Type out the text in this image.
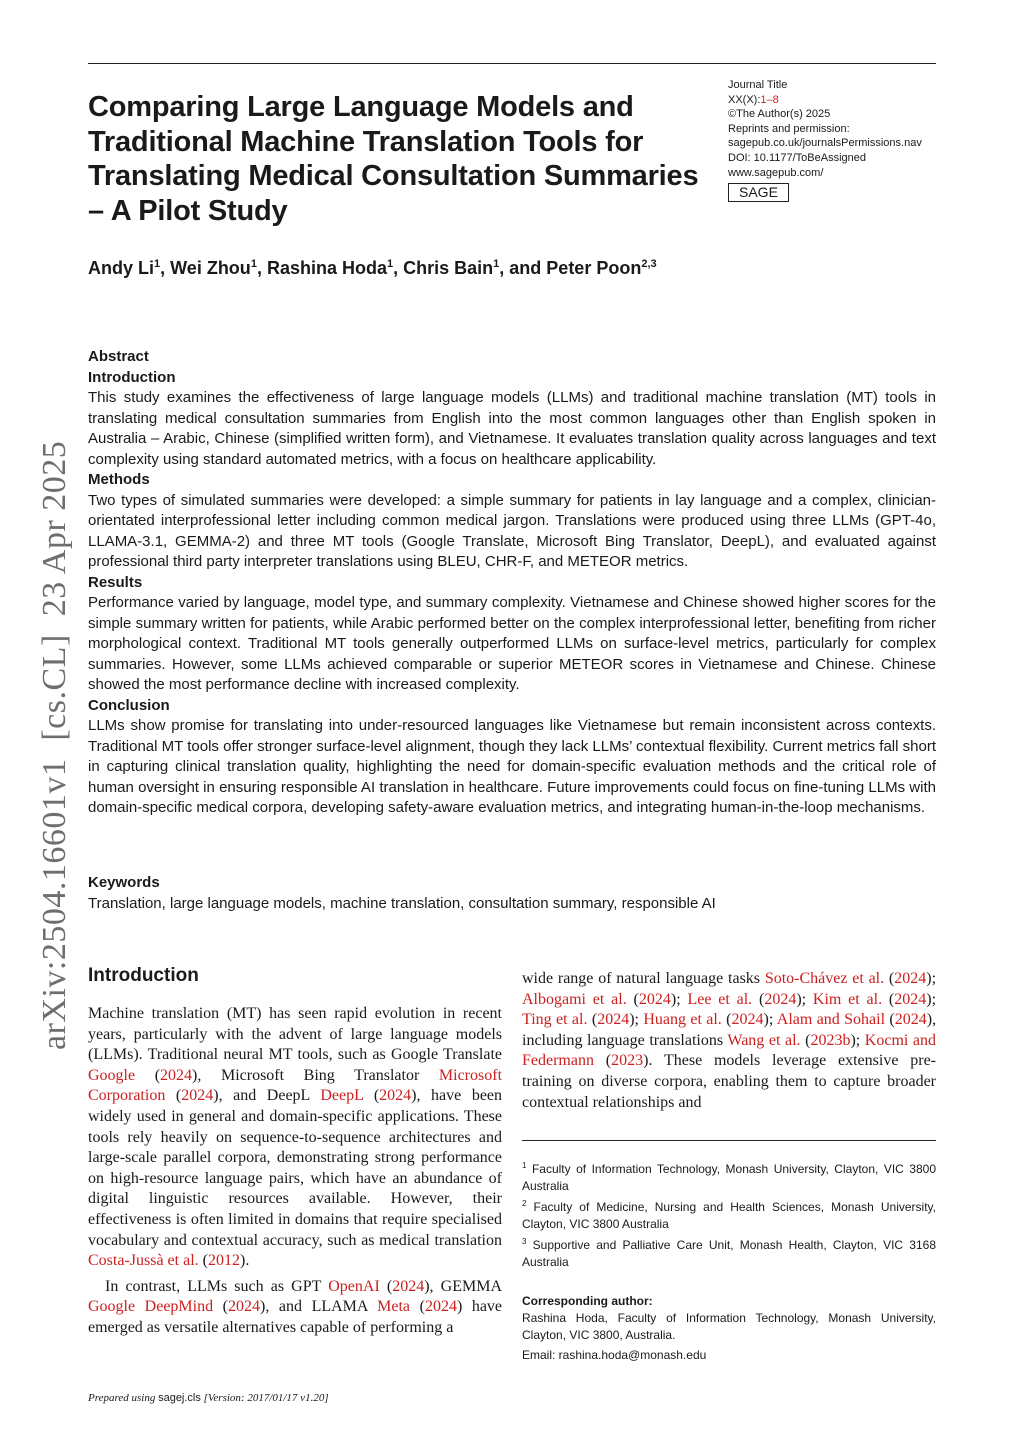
Comparing Large Language Models and Traditional Machine Translation Tools for Translating Medical Consultation Summaries – A Pilot Study
Journal Title
XX(X):1–8
©The Author(s) 2025
Reprints and permission:
sagepub.co.uk/journalsPermissions.nav
DOI: 10.1177/ToBeAssigned
www.sagepub.com/
SAGE
Andy Li$^1$, Wei Zhou$^1$, Rashina Hoda$^1$, Chris Bain$^1$, and Peter Poon$^{2,3}$
Abstract
Introduction

This study examines the effectiveness of large language models (LLMs) and traditional machine translation (MT) tools in translating medical consultation summaries from English into the most common languages other than English spoken in Australia – Arabic, Chinese (simplified written form), and Vietnamese. It evaluates translation quality across languages and text complexity using standard automated metrics, with a focus on healthcare applicability.

Methods

Two types of simulated summaries were developed: a simple summary for patients in lay language and a complex, clinician-orientated interprofessional letter including common medical jargon. Translations were produced using three LLMs (GPT-4o, LLAMA-3.1, GEMMA-2) and three MT tools (Google Translate, Microsoft Bing Translator, DeepL), and evaluated against professional third party interpreter translations using BLEU, CHR-F, and METEOR metrics.

Results

Performance varied by language, model type, and summary complexity. Vietnamese and Chinese showed higher scores for the simple summary written for patients, while Arabic performed better on the complex interprofessional letter, benefiting from richer morphological context. Traditional MT tools generally outperformed LLMs on surface-level metrics, particularly for complex summaries. However, some LLMs achieved comparable or superior METEOR scores in Vietnamese and Chinese. Chinese showed the most performance decline with increased complexity.

Conclusion

LLMs show promise for translating into under-resourced languages like Vietnamese but remain inconsistent across contexts. Traditional MT tools offer stronger surface-level alignment, though they lack LLMs’ contextual flexibility. Current metrics fall short in capturing clinical translation quality, highlighting the need for domain-specific evaluation methods and the critical role of human oversight in ensuring responsible AI translation in healthcare. Future improvements could focus on fine-tuning LLMs with domain-specific medical corpora, developing safety-aware evaluation metrics, and integrating human-in-the-loop mechanisms.

Keywords
Translation, large language models, machine translation, consultation summary, responsible AI
arXiv:2504.16601v1  [cs.CL]  23 Apr 2025 Introduction

Machine translation (MT) has seen rapid evolution in recent years, particularly with the advent of large language models (LLMs). Traditional neural MT tools, such as Google Translate Google (2024), Microsoft Bing Translator Microsoft Corporation (2024), and DeepL DeepL (2024), have been widely used in general and domain-specific applications. These tools rely heavily on sequence-to-sequence architectures and large-scale parallel corpora, demonstrating strong performance on high-resource language pairs, which have an abundance of digital linguistic resources available. However, their effectiveness is often limited in domains that require specialised vocabulary and contextual accuracy, such as medical translation Costa-Jussà et al. (2012).

In contrast, LLMs such as GPT OpenAI (2024), GEMMA Google DeepMind (2024), and LLAMA Meta (2024) have emerged as versatile alternatives capable of performing a

wide range of natural language tasks Soto-Chávez et al. (2024); Albogami et al. (2024); Lee et al. (2024); Kim et al. (2024); Ting et al. (2024); Huang et al. (2024); Alam and Sohail (2024), including language translations Wang et al. (2023b); Kocmi and Federmann (2023). These models leverage extensive pre-training on diverse corpora, enabling them to capture broader contextual relationships and

$^1$ Faculty of Information Technology, Monash University, Clayton, VIC 3800 Australia
$^2$ Faculty of Medicine, Nursing and Health Sciences, Monash University, Clayton, VIC 3800 Australia
$^3$ Supportive and Palliative Care Unit, Monash Health, Clayton, VIC 3168 Australia
Corresponding author:

Rashina Hoda, Faculty of Information Technology, Monash University, Clayton, VIC 3800, Australia.

Email: rashina.hoda@monash.edu

Prepared using sagej.cls [Version: 2017/01/17 v1.20]
